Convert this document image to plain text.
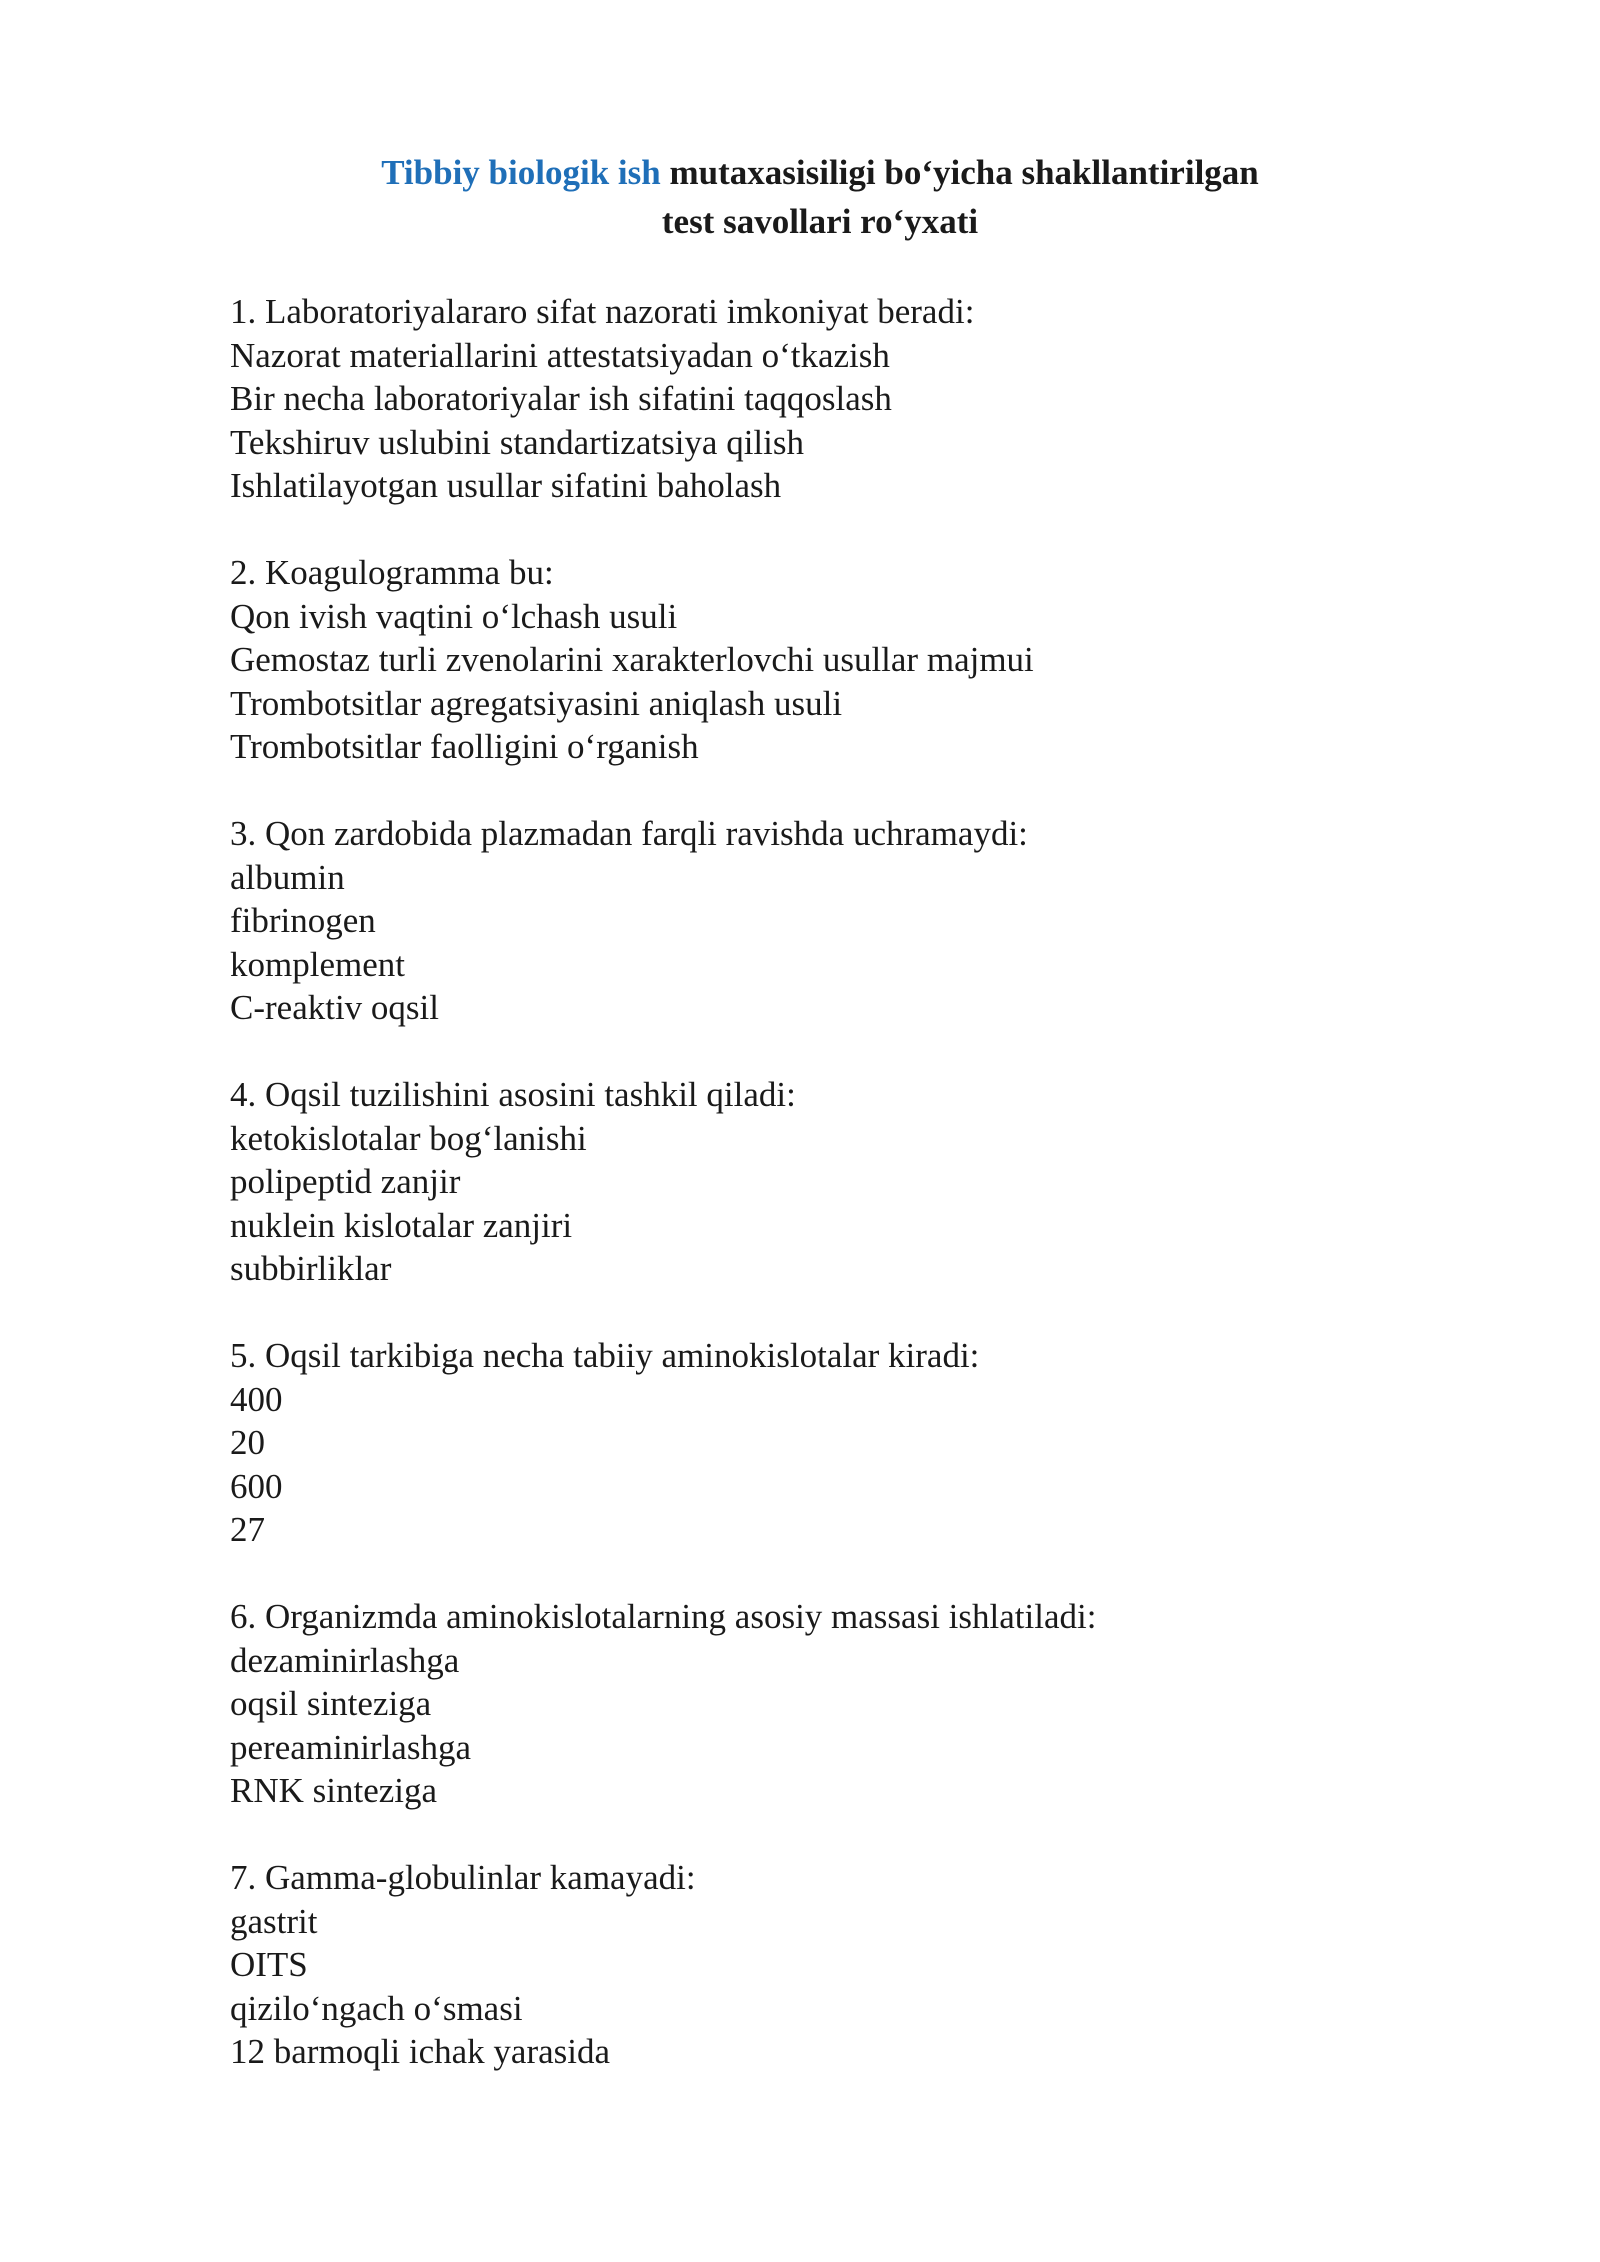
Tibbiy biologik ish mutaxasisiligi bo‘yicha shakllantirilgan
test savollari ro‘yxati
1. Laboratoriyalararo sifat nazorati imkoniyat beradi:
Nazorat materiallarini attestatsiyadan o‘tkazish
Bir necha laboratoriyalar ish sifatini taqqoslash
Tekshiruv uslubini standartizatsiya qilish
Ishlatilayotgan usullar sifatini baholash
2. Koagulogramma bu:
Qon ivish vaqtini o‘lchash usuli
Gemostaz turli zvenolarini xarakterlovchi usullar majmui
Trombotsitlar agregatsiyasini aniqlash usuli
Trombotsitlar faolligini o‘rganish
3. Qon zardobida plazmadan farqli ravishda uchramaydi:
albumin
fibrinogen
komplement
C-reaktiv oqsil
4. Oqsil tuzilishini asosini tashkil qiladi:
ketokislotalar bog‘lanishi
polipeptid zanjir
nuklein kislotalar zanjiri
subbirliklar
5. Oqsil tarkibiga necha tabiiy aminokislotalar kiradi:
400
20
600
27
6. Organizmda aminokislotalarning asosiy massasi ishlatiladi:
dezaminirlashga
oqsil sinteziga
pereaminirlashga
RNK sinteziga
7. Gamma-globulinlar kamayadi:
gastrit
OITS
qizilo‘ngach o‘smasi
12 barmoqli ichak yarasida
